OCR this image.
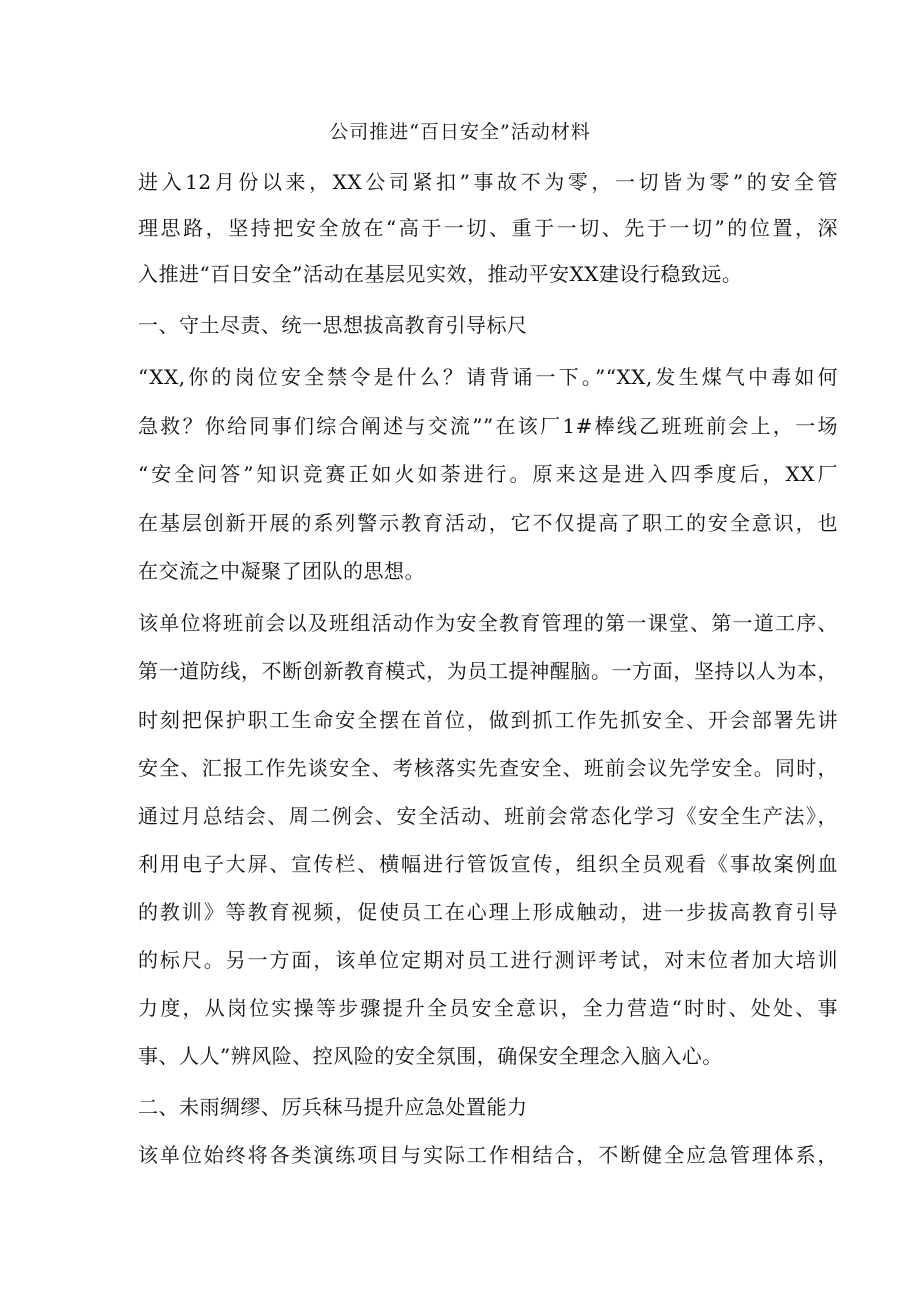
公司推进“百日安全”活动材料
进入12月份以来，XX公司紧扣”事故不为零，一切皆为零”的安全管
理思路，坚持把安全放在“高于一切、重于一切、先于一切”的位置，深
入推进“百日安全”活动在基层见实效，推动平安XX建设行稳致远。
一、守土尽责、统一思想拔高教育引导标尺
“XX,你的岗位安全禁令是什么？请背诵一下。”“XX,发生煤气中毒如何
急救？你给同事们综合阐述与交流””在该厂1#棒线乙班班前会上，一场
“安全问答”知识竞赛正如火如荼进行。原来这是进入四季度后，XX厂
在基层创新开展的系列警示教育活动，它不仅提高了职工的安全意识，也
在交流之中凝聚了团队的思想。
该单位将班前会以及班组活动作为安全教育管理的第一课堂、第一道工序、
第一道防线，不断创新教育模式，为员工提神醒脑。一方面，坚持以人为本，
时刻把保护职工生命安全摆在首位，做到抓工作先抓安全、开会部署先讲
安全、汇报工作先谈安全、考核落实先查安全、班前会议先学安全。同时，
通过月总结会、周二例会、安全活动、班前会常态化学习《安全生产法》，
利用电子大屏、宣传栏、横幅进行管饭宣传，组织全员观看《事故案例血
的教训》等教育视频，促使员工在心理上形成触动，进一步拔高教育引导
的标尺。另一方面，该单位定期对员工进行测评考试，对末位者加大培训
力度，从岗位实操等步骤提升全员安全意识，全力营造“时时、处处、事
事、人人”辨风险、控风险的安全氛围，确保安全理念入脑入心。
二、未雨绸缪、厉兵秣马提升应急处置能力
该单位始终将各类演练项目与实际工作相结合，不断健全应急管理体系，
